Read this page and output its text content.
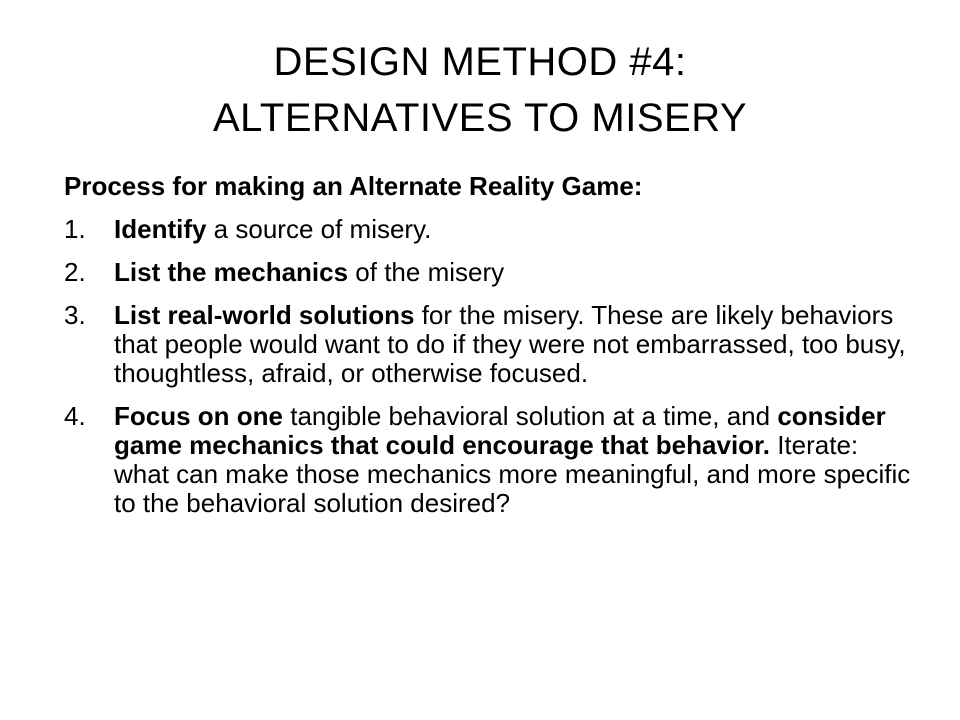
DESIGN METHOD #4:
ALTERNATIVES TO MISERY
Process for making an Alternate Reality Game:
1.	Identify a source of misery.
2.	List the mechanics of the misery
3.	List real-world solutions for the misery. These are likely behaviors that people would want to do if they were not embarrassed, too busy, thoughtless, afraid, or otherwise focused.
4.	Focus on one tangible behavioral solution at a time, and consider game mechanics that could encourage that behavior. Iterate: what can make those mechanics more meaningful, and more specific to the behavioral solution desired?
